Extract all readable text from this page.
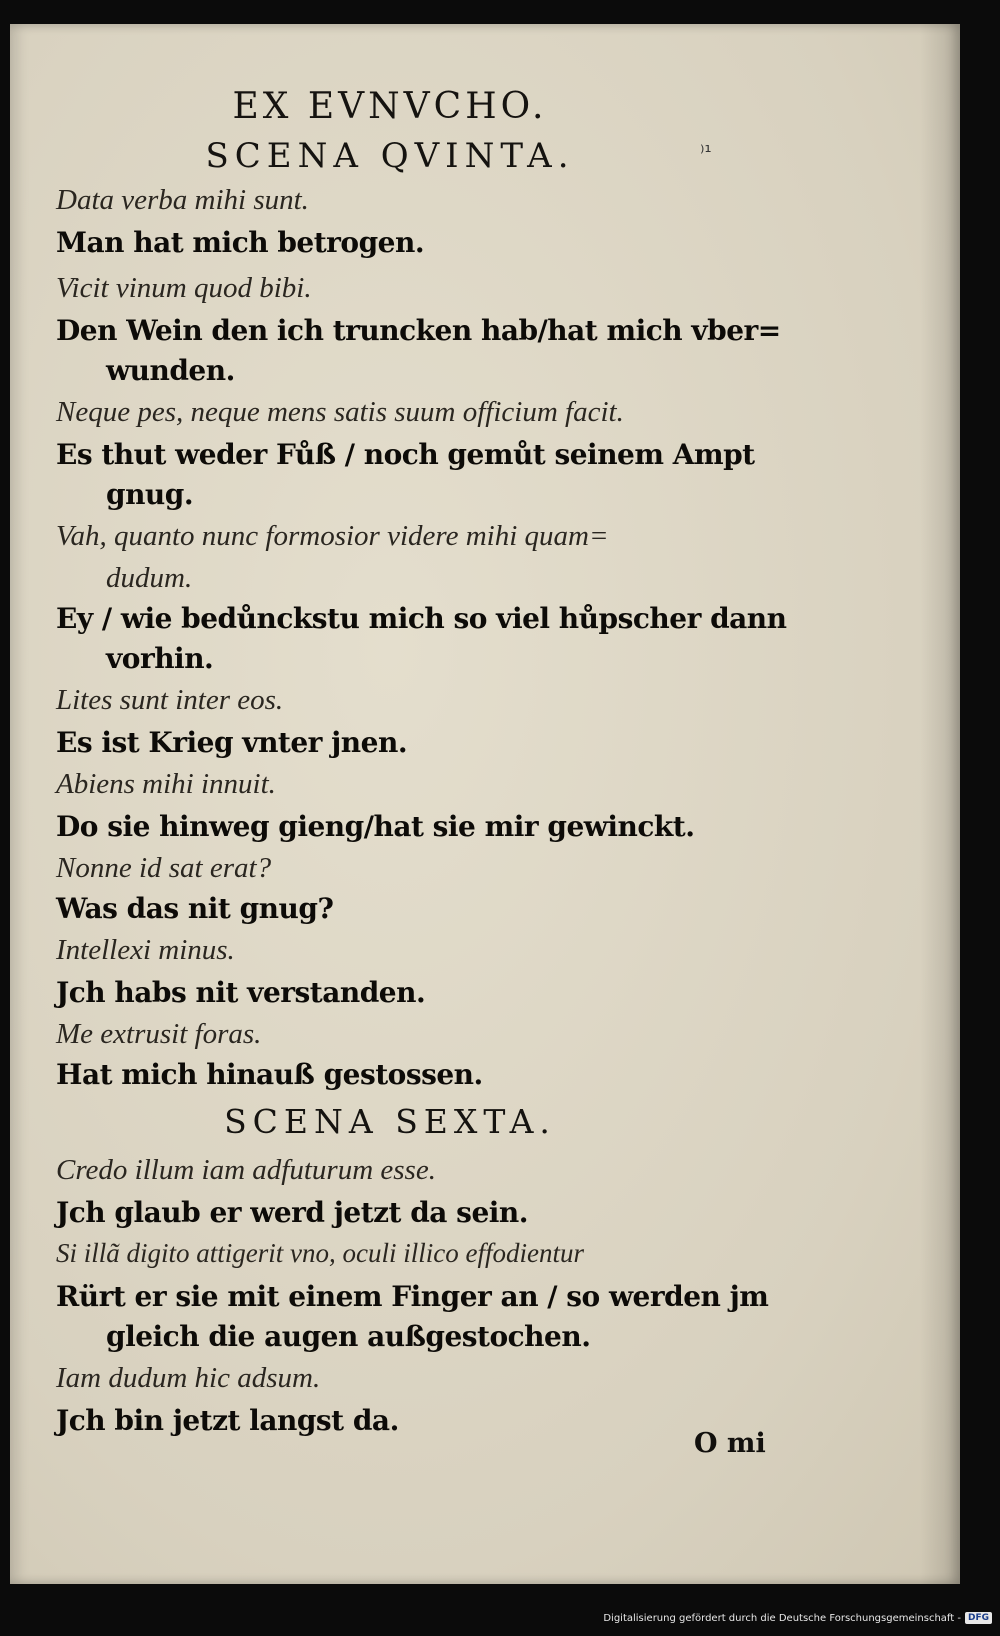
EX EVNVCHO.
SCENA QVINTA.	⁾¹
Data verba mihi sunt.
Man hat mich betrogen.
Vicit vinum quod bibi.
Den Wein den ich truncken hab/hat mich vber=
wunden.
Neque pes, neque mens satis suum officium facit.
Es thut weder Fůß / noch gemůt seinem Ampt
gnug.
Vah, quanto nunc formosior videre mihi quam=
dudum.
Ey / wie bedůnckstu mich so viel hůpscher dann
vorhin.
Lites sunt inter eos.
Es ist Krieg vnter jnen.
Abiens mihi innuit.
Do sie hinweg gieng/hat sie mir gewinckt.
Nonne id sat erat?
Was das nit gnug?
Intellexi minus.
Jch habs nit verstanden.
Me extrusit foras.
Hat mich hinauß gestossen.
SCENA SEXTA.
Credo illum iam adfuturum esse.
Jch glaub er werd jetzt da sein.
Si illã digito attigerit vno, oculi illico effodientur
Rürt er sie mit einem Finger an / so werden jm
gleich die augen außgestochen.
Iam dudum hic adsum.
Jch bin jetzt langst da.
O mi
Digitalisierung gefördert durch die Deutsche Forschungsgemeinschaft - DFG
